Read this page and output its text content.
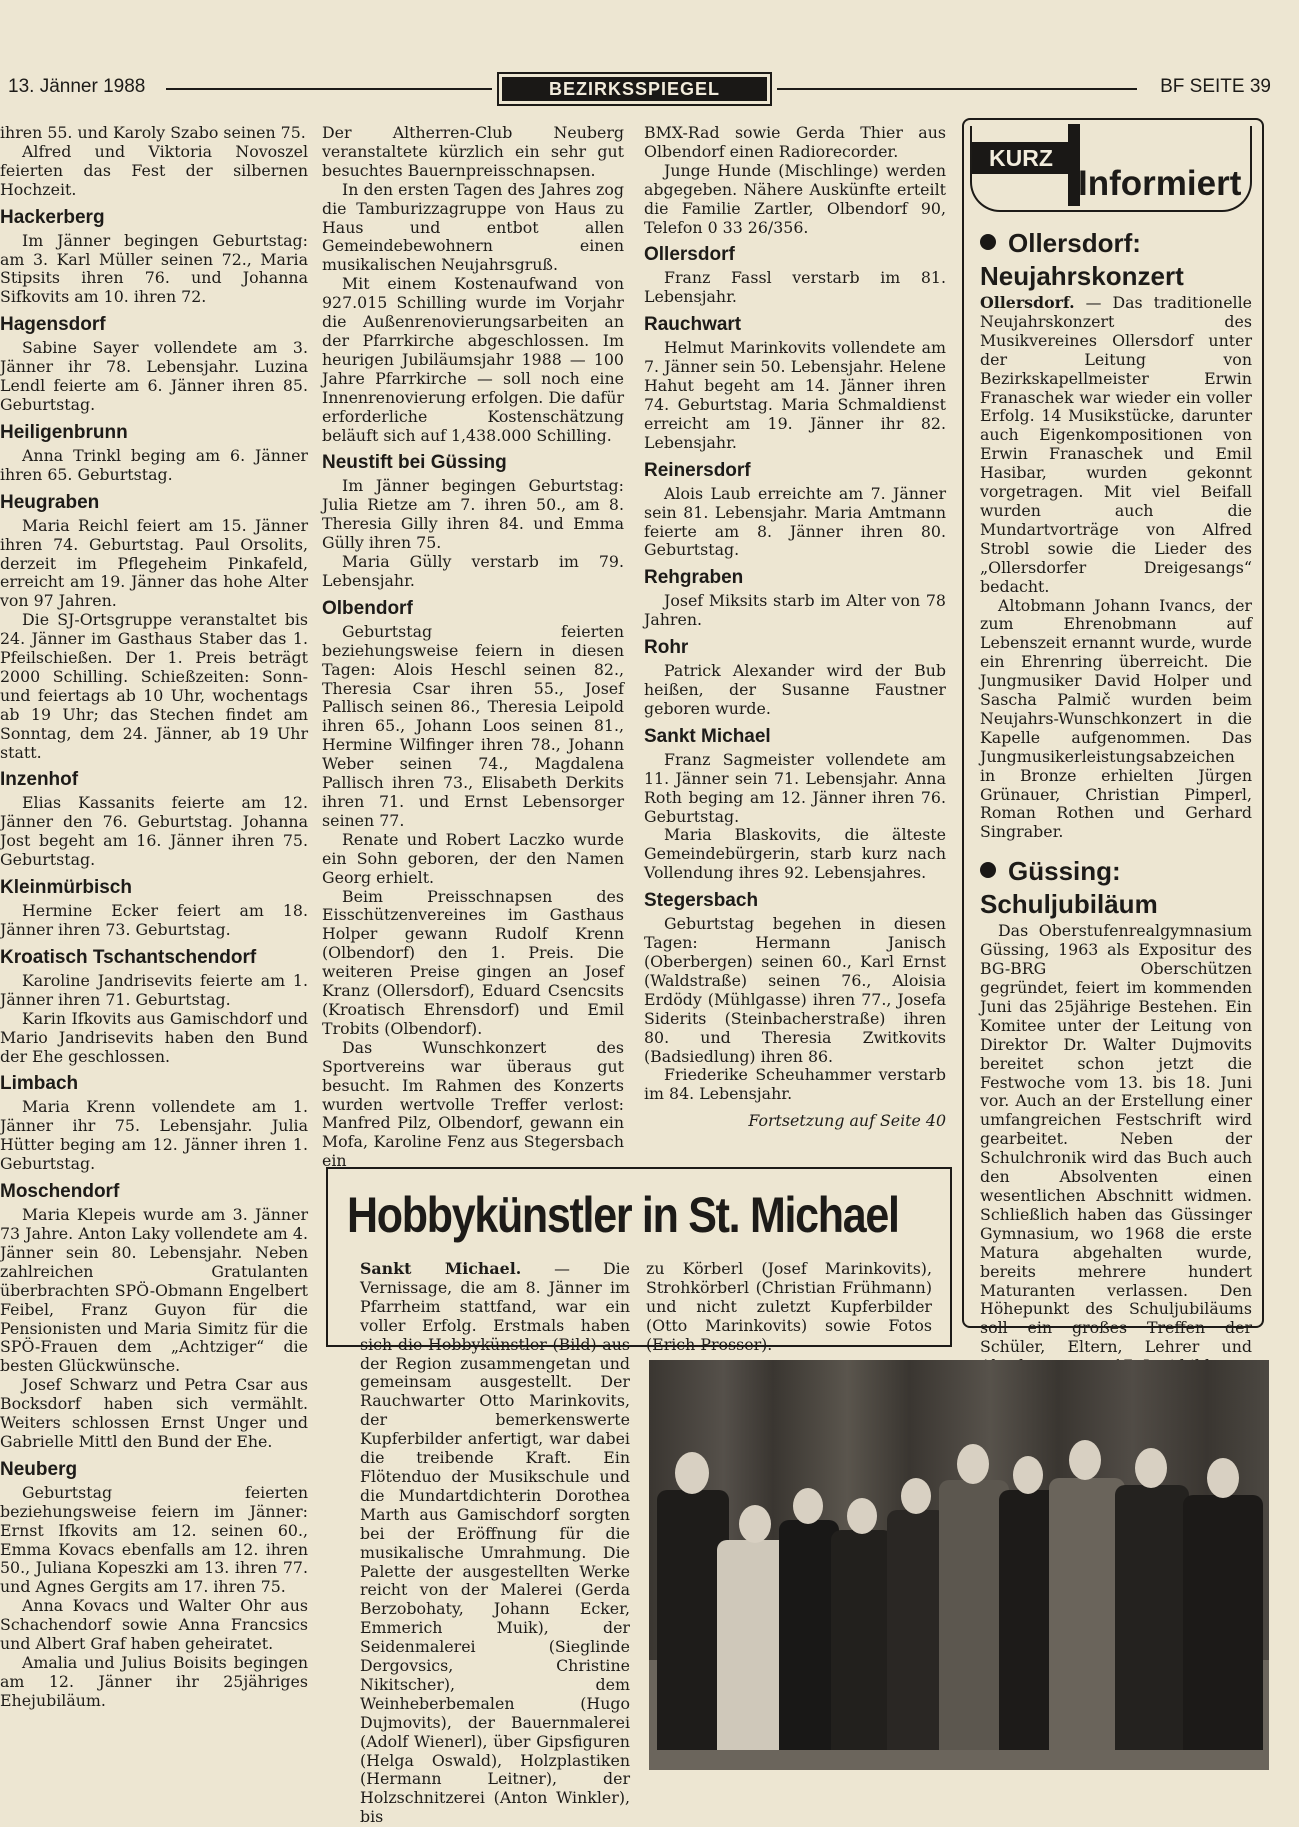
13. Jänner 1988	BEZIRKSSPIEGEL	BF SEITE 39

ihren 55. und Karoly Szabo seinen 75.

Alfred und Viktoria Novoszel feierten das Fest der silbernen Hochzeit.

Hackerberg

Im Jänner begingen Geburtstag: am 3. Karl Müller seinen 72., Maria Stipsits ihren 76. und Johanna Sifkovits am 10. ihren 72.

Hagensdorf

Sabine Sayer vollendete am 3. Jänner ihr 78. Lebensjahr. Luzina Lendl feierte am 6. Jänner ihren 85. Geburtstag.

Heiligenbrunn

Anna Trinkl beging am 6. Jänner ihren 65. Geburtstag.

Heugraben

Maria Reichl feiert am 15. Jänner ihren 74. Geburtstag. Paul Orsolits, derzeit im Pflegeheim Pinkafeld, erreicht am 19. Jänner das hohe Alter von 97 Jahren.

Die SJ-Ortsgruppe veranstaltet bis 24. Jänner im Gasthaus Staber das 1. Pfeilschießen. Der 1. Preis beträgt 2000 Schilling. Schießzeiten: Sonn- und feiertags ab 10 Uhr, wochentags ab 19 Uhr; das Stechen findet am Sonntag, dem 24. Jänner, ab 19 Uhr statt.

Inzenhof

Elias Kassanits feierte am 12. Jänner den 76. Geburtstag. Johanna Jost begeht am 16. Jänner ihren 75. Geburtstag.

Kleinmürbisch

Hermine Ecker feiert am 18. Jänner ihren 73. Geburtstag.

Kroatisch Tschantschendorf

Karoline Jandrisevits feierte am 1. Jänner ihren 71. Geburtstag.

Karin Ifkovits aus Gamischdorf und Mario Jandrisevits haben den Bund der Ehe geschlossen.

Limbach

Maria Krenn vollendete am 1. Jänner ihr 75. Lebensjahr. Julia Hütter beging am 12. Jänner ihren 1. Geburtstag.

Moschendorf

Maria Klepeis wurde am 3. Jänner 73 Jahre. Anton Laky vollendete am 4. Jänner sein 80. Lebensjahr. Neben zahlreichen Gratulanten überbrachten SPÖ-Obmann Engelbert Feibel, Franz Guyon für die Pensionisten und Maria Simitz für die SPÖ-Frauen dem „Achtziger“ die besten Glückwünsche.

Josef Schwarz und Petra Csar aus Bocksdorf haben sich vermählt. Weiters schlossen Ernst Unger und Gabrielle Mittl den Bund der Ehe.

Neuberg

Geburtstag feierten beziehungsweise feiern im Jänner: Ernst Ifkovits am 12. seinen 60., Emma Kovacs ebenfalls am 12. ihren 50., Juliana Kopeszki am 13. ihren 77. und Agnes Gergits am 17. ihren 75.

Anna Kovacs und Walter Ohr aus Schachendorf sowie Anna Francsics und Albert Graf haben geheiratet.

Amalia und Julius Boisits begingen am 12. Jänner ihr 25jähriges Ehejubiläum.

Der Altherren-Club Neuberg veranstaltete kürzlich ein sehr gut besuchtes Bauernpreisschnapsen.

In den ersten Tagen des Jahres zog die Tamburizzagruppe von Haus zu Haus und entbot allen Gemeindebewohnern einen musikalischen Neujahrsgruß.

Mit einem Kostenaufwand von 927.015 Schilling wurde im Vorjahr die Außenrenovierungsarbeiten an der Pfarrkirche abgeschlossen. Im heurigen Jubiläumsjahr 1988 — 100 Jahre Pfarrkirche — soll noch eine Innenrenovierung erfolgen. Die dafür erforderliche Kostenschätzung beläuft sich auf 1,438.000 Schilling.

Neustift bei Güssing

Im Jänner begingen Geburtstag: Julia Rietze am 7. ihren 50., am 8. Theresia Gilly ihren 84. und Emma Gülly ihren 75.

Maria Gülly verstarb im 79. Lebensjahr.

Olbendorf

Geburtstag feierten beziehungsweise feiern in diesen Tagen: Alois Heschl seinen 82., Theresia Csar ihren 55., Josef Pallisch seinen 86., Theresia Leipold ihren 65., Johann Loos seinen 81., Hermine Wilfinger ihren 78., Johann Weber seinen 74., Magdalena Pallisch ihren 73., Elisabeth Derkits ihren 71. und Ernst Lebensorger seinen 77.

Renate und Robert Laczko wurde ein Sohn geboren, der den Namen Georg erhielt.

Beim Preisschnapsen des Eisschützenvereines im Gasthaus Holper gewann Rudolf Krenn (Olbendorf) den 1. Preis. Die weiteren Preise gingen an Josef Kranz (Ollersdorf), Eduard Csencsits (Kroatisch Ehrensdorf) und Emil Trobits (Olbendorf).

Das Wunschkonzert des Sportvereins war überaus gut besucht. Im Rahmen des Konzerts wurden wertvolle Treffer verlost: Manfred Pilz, Olbendorf, gewann ein Mofa, Karoline Fenz aus Stegersbach ein

BMX-Rad sowie Gerda Thier aus Olbendorf einen Radiorecorder.

Junge Hunde (Mischlinge) werden abgegeben. Nähere Auskünfte erteilt die Familie Zartler, Olbendorf 90, Telefon 0 33 26/356.

Ollersdorf

Franz Fassl verstarb im 81. Lebensjahr.

Rauchwart

Helmut Marinkovits vollendete am 7. Jänner sein 50. Lebensjahr. Helene Hahut begeht am 14. Jänner ihren 74. Geburtstag. Maria Schmaldienst erreicht am 19. Jänner ihr 82. Lebensjahr.

Reinersdorf

Alois Laub erreichte am 7. Jänner sein 81. Lebensjahr. Maria Amtmann feierte am 8. Jänner ihren 80. Geburtstag.

Rehgraben

Josef Miksits starb im Alter von 78 Jahren.

Rohr

Patrick Alexander wird der Bub heißen, der Susanne Faustner geboren wurde.

Sankt Michael

Franz Sagmeister vollendete am 11. Jänner sein 71. Lebensjahr. Anna Roth beging am 12. Jänner ihren 76. Geburtstag.

Maria Blaskovits, die älteste Gemeindebürgerin, starb kurz nach Vollendung ihres 92. Lebensjahres.

Stegersbach

Geburtstag begehen in diesen Tagen: Hermann Janisch (Oberbergen) seinen 60., Karl Ernst (Waldstraße) seinen 76., Aloisia Erdödy (Mühlgasse) ihren 77., Josefa Siderits (Steinbacherstraße) ihren 80. und Theresia Zwitkovits (Badsiedlung) ihren 86.

Friederike Scheuhammer verstarb im 84. Lebensjahr.

Fortsetzung auf Seite 40

KURZ
Informiert
Ollersdorf:
Neujahrskonzert

Ollersdorf. — Das traditionelle Neujahrskonzert des Musikvereines Ollersdorf unter der Leitung von Bezirkskapellmeister Erwin Franaschek war wieder ein voller Erfolg. 14 Musikstücke, darunter auch Eigenkompositionen von Erwin Franaschek und Emil Hasibar, wurden gekonnt vorgetragen. Mit viel Beifall wurden auch die Mundartvorträge von Alfred Strobl sowie die Lieder des „Ollersdorfer Dreigesangs“ bedacht.

Altobmann Johann Ivancs, der zum Ehrenobmann auf Lebenszeit ernannt wurde, wurde ein Ehrenring überreicht. Die Jungmusiker David Holper und Sascha Palmič wurden beim Neujahrs-Wunschkonzert in die Kapelle aufgenommen. Das Jungmusikerleistungsabzeichen in Bronze erhielten Jürgen Grünauer, Christian Pimperl, Roman Rothen und Gerhard Singraber.

Güssing:
Schuljubiläum

Das Oberstufenrealgymnasium Güssing, 1963 als Expositur des BG-BRG Oberschützen gegründet, feiert im kommenden Juni das 25jährige Bestehen. Ein Komitee unter der Leitung von Direktor Dr. Walter Dujmovits bereitet schon jetzt die Festwoche vom 13. bis 18. Juni vor. Auch an der Erstellung einer umfangreichen Festschrift wird gearbeitet. Neben der Schulchronik wird das Buch auch den Absolventen einen wesentlichen Abschnitt widmen. Schließlich haben das Güssinger Gymnasium, wo 1968 die erste Matura abgehalten wurde, bereits mehrere hundert Maturanten verlassen. Den Höhepunkt des Schuljubiläums soll ein großes Treffen der Schüler, Eltern, Lehrer und

Hobbykünstler in St. Michael

Sankt Michael. — Die Vernissage, die am 8. Jänner im Pfarrheim stattfand, war ein voller Erfolg. Erstmals haben sich die Hobbykünstler (Bild) aus der Region zusammengetan und gemeinsam ausgestellt. Der Rauchwarter Otto Marinkovits, der bemerkenswerte Kupferbilder anfertigt, war dabei die treibende Kraft. Ein Flötenduo der Musikschule und die Mundartdichterin Dorothea Marth aus Gamischdorf sorgten bei der Eröffnung für die musikalische Umrahmung. Die Palette der ausgestellten Werke reicht von der Malerei (Gerda Berzobohaty, Johann Ecker, Emmerich Muik), der Seidenmalerei (Sieglinde Dergovsics, Christine Nikitscher), dem Weinheberbemalen (Hugo Dujmovits), der Bauernmalerei (Adolf Wienerl), über Gipsfiguren (Helga Oswald), Holzplastiken (Hermann Leitner), der Holzschnitzerei (Anton Winkler), bis

zu Körberl (Josef Marinkovits), Strohkörberl (Christian Frühmann) und nicht zuletzt Kupferbilder (Otto Marinkovits) sowie Fotos (Erich Prosser).
